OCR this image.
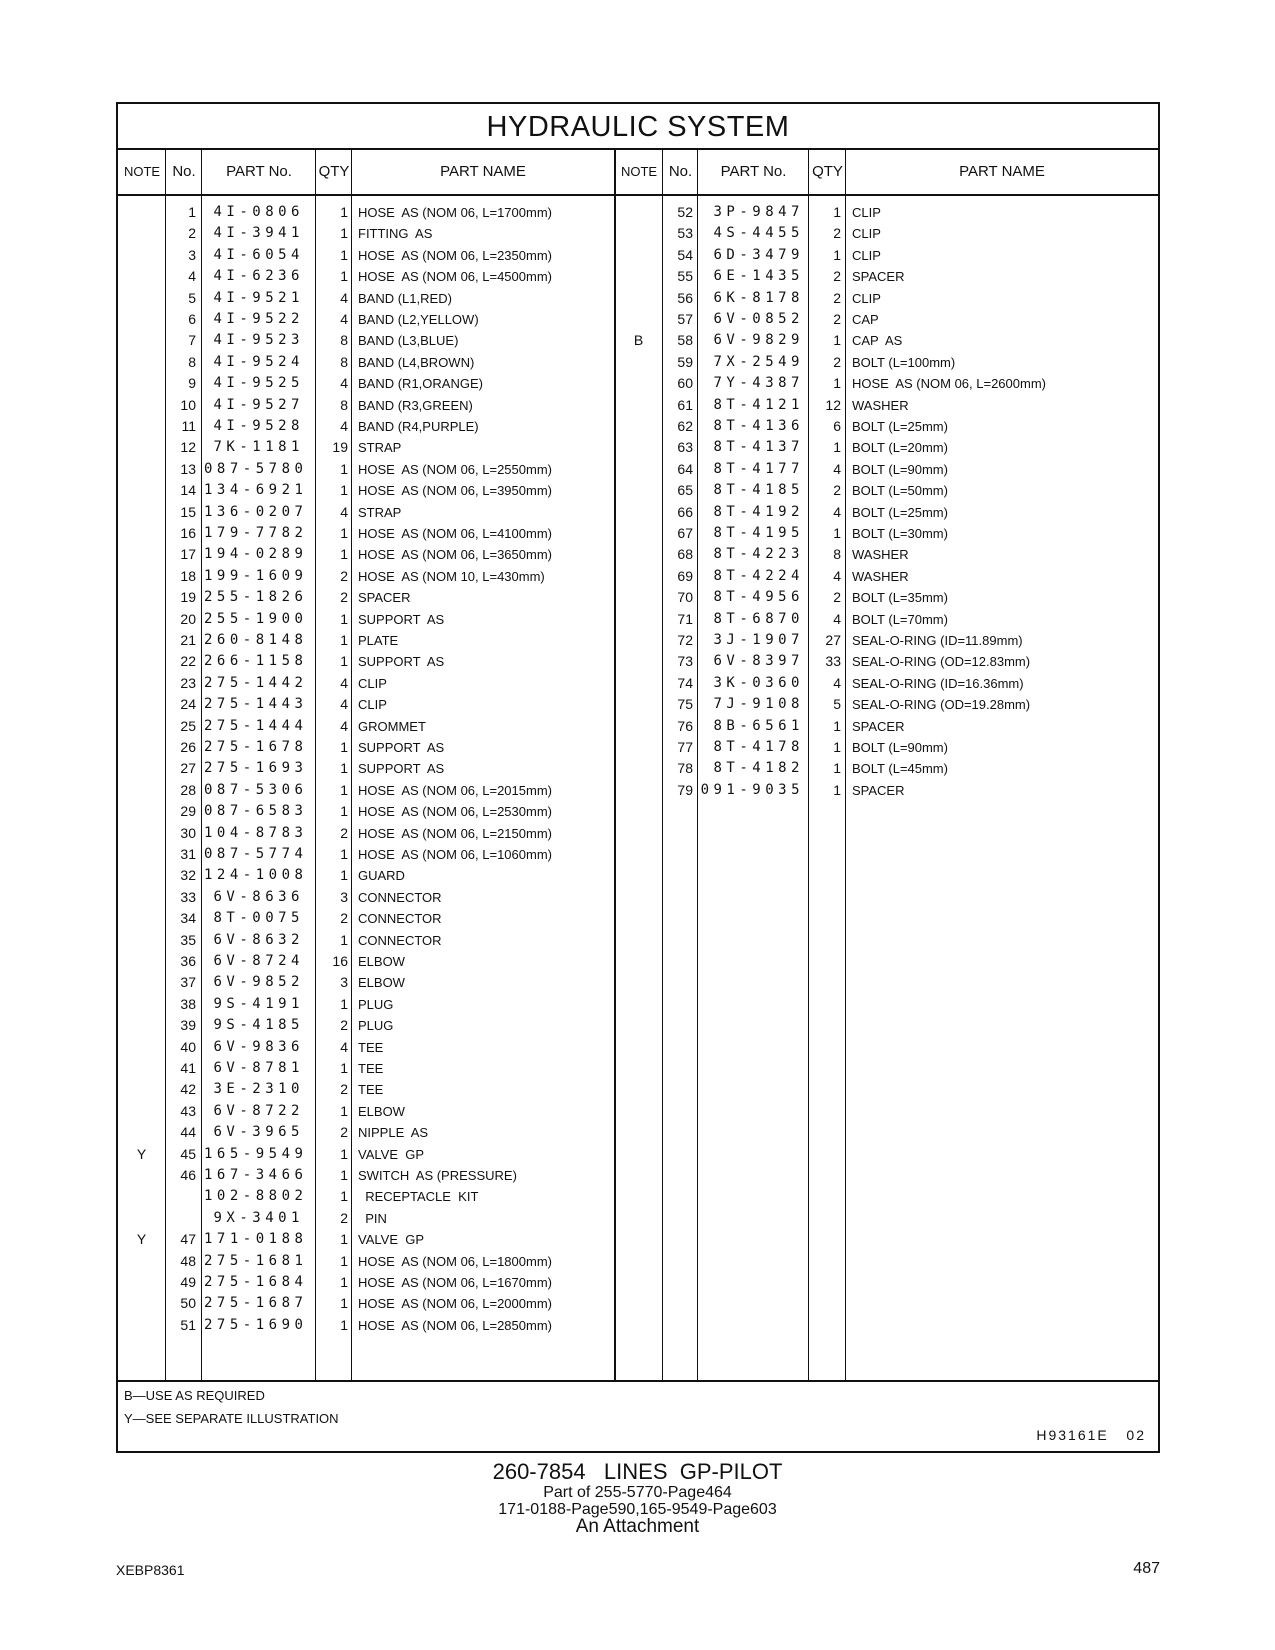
HYDRAULIC SYSTEM
NOTE No.	PART No.	QTY	PART NAME	NOTE No.	PART No.	QTY	PART NAME
1	4I-0806	1 HOSE  AS (NOM 06, L=1700mm)
2	4I-3941	1 FITTING  AS
3	4I-6054	1 HOSE  AS (NOM 06, L=2350mm)
4	4I-6236	1 HOSE  AS (NOM 06, L=4500mm)
5	4I-9521	4 BAND (L1,RED)
6	4I-9522	4 BAND (L2,YELLOW)
7	4I-9523	8 BAND (L3,BLUE)
8	4I-9524	8 BAND (L4,BROWN)
9	4I-9525	4 BAND (R1,ORANGE)
10	4I-9527	8 BAND (R3,GREEN)
11	4I-9528	4 BAND (R4,PURPLE)
12	7K-1181	19 STRAP
13 087-5780	1 HOSE  AS (NOM 06, L=2550mm)
14 134-6921	1 HOSE  AS (NOM 06, L=3950mm)
15 136-0207	4 STRAP
16 179-7782	1 HOSE  AS (NOM 06, L=4100mm)
17 194-0289	1 HOSE  AS (NOM 06, L=3650mm)
18 199-1609	2 HOSE  AS (NOM 10, L=430mm)
19 255-1826	2 SPACER
20 255-1900	1 SUPPORT  AS
21 260-8148	1 PLATE
22 266-1158	1 SUPPORT  AS
23 275-1442	4 CLIP
24 275-1443	4 CLIP
25 275-1444	4 GROMMET
26 275-1678	1 SUPPORT  AS
27 275-1693	1 SUPPORT  AS
28 087-5306	1 HOSE  AS (NOM 06, L=2015mm)
29 087-6583	1 HOSE  AS (NOM 06, L=2530mm)
30 104-8783	2 HOSE  AS (NOM 06, L=2150mm)
31 087-5774	1 HOSE  AS (NOM 06, L=1060mm)
32 124-1008	1 GUARD
33	6V-8636	3 CONNECTOR
34	8T-0075	2 CONNECTOR
35	6V-8632	1 CONNECTOR
36	6V-8724	16 ELBOW
37	6V-9852	3 ELBOW
38	9S-4191	1 PLUG
39	9S-4185	2 PLUG
40	6V-9836	4 TEE
41	6V-8781	1 TEE
42	3E-2310	2 TEE
43	6V-8722	1 ELBOW
44	6V-3965	2 NIPPLE  AS
Y	45 165-9549	1 VALVE  GP
46 167-3466	1 SWITCH  AS (PRESSURE)
102-8802	1 RECEPTACLE  KIT
9X-3401	2 PIN
Y	47 171-0188	1 VALVE  GP
48 275-1681	1 HOSE  AS (NOM 06, L=1800mm)
49 275-1684	1 HOSE  AS (NOM 06, L=1670mm)
50 275-1687	1 HOSE  AS (NOM 06, L=2000mm)
51 275-1690	1 HOSE  AS (NOM 06, L=2850mm)
52	3P-9847	1 CLIP
53	4S-4455	2 CLIP
54	6D-3479	1 CLIP
55	6E-1435	2 SPACER
56	6K-8178	2 CLIP
57	6V-0852	2 CAP
B	58	6V-9829	1 CAP  AS
59	7X-2549	2 BOLT (L=100mm)
60	7Y-4387	1 HOSE  AS (NOM 06, L=2600mm)
61	8T-4121	12 WASHER
62	8T-4136	6 BOLT (L=25mm)
63	8T-4137	1 BOLT (L=20mm)
64	8T-4177	4 BOLT (L=90mm)
65	8T-4185	2 BOLT (L=50mm)
66	8T-4192	4 BOLT (L=25mm)
67	8T-4195	1 BOLT (L=30mm)
68	8T-4223	8 WASHER
69	8T-4224	4 WASHER
70	8T-4956	2 BOLT (L=35mm)
71	8T-6870	4 BOLT (L=70mm)
72	3J-1907	27 SEAL-O-RING (ID=11.89mm)
73	6V-8397	33 SEAL-O-RING (OD=12.83mm)
74	3K-0360	4 SEAL-O-RING (ID=16.36mm)
75	7J-9108	5 SEAL-O-RING (OD=19.28mm)
76	8B-6561	1 SPACER
77	8T-4178	1 BOLT (L=90mm)
78	8T-4182	1 BOLT (L=45mm)
79 091-9035	1 SPACER
B—USE AS REQUIRED
Y—SEE SEPARATE ILLUSTRATION
H93161E   02
260-7854   LINES  GP-PILOT
Part of 255-5770-Page464
171-0188-Page590,165-9549-Page603
An Attachment
XEBP8361	487
